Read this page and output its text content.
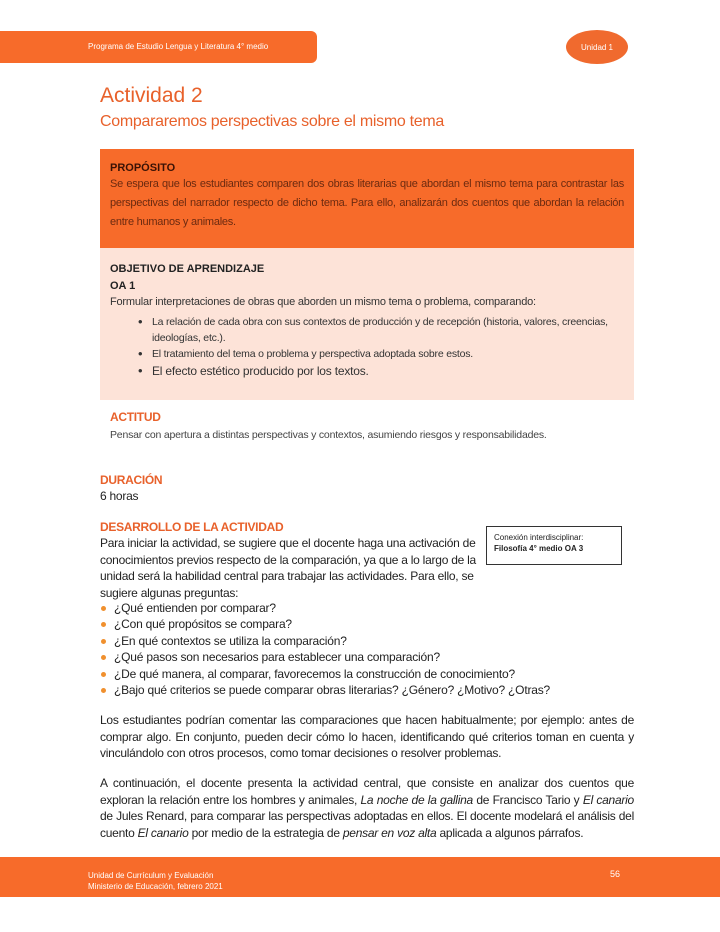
Programa de Estudio Lengua y Literatura 4° medio	Unidad 1
Actividad 2
Compararemos perspectivas sobre el mismo tema
PROPÓSITO

Se espera que los estudiantes comparen dos obras literarias que abordan el mismo tema para contrastar las perspectivas del narrador respecto de dicho tema. Para ello, analizarán dos cuentos que abordan la relación entre humanos y animales.

OBJETIVO DE APRENDIZAJE
OA 1

Formular interpretaciones de obras que aborden un mismo tema o problema, comparando:

• La relación de cada obra con sus contextos de producción y de recepción (historia, valores, creencias, ideologías, etc.).
• El tratamiento del tema o problema y perspectiva adoptada sobre estos.
• El efecto estético producido por los textos.
ACTITUD
Pensar con apertura a distintas perspectivas y contextos, asumiendo riesgos y responsabilidades.
DURACIÓN
6 horas
DESARROLLO DE LA ACTIVIDAD
Para iniciar la actividad, se sugiere que el docente haga una activación de conocimientos previos respecto de la comparación, ya que a lo largo de la unidad será la habilidad central para trabajar las actividades. Para ello, se sugiere algunas preguntas:
Conexión interdisciplinar:
Filosofía 4° medio OA 3
¿Qué entienden por comparar?
¿Con qué propósitos se compara?
¿En qué contextos se utiliza la comparación?
¿Qué pasos son necesarios para establecer una comparación?
¿De qué manera, al comparar, favorecemos la construcción de conocimiento?
¿Bajo qué criterios se puede comparar obras literarias? ¿Género? ¿Motivo? ¿Otras?

Los estudiantes podrían comentar las comparaciones que hacen habitualmente; por ejemplo: antes de comprar algo. En conjunto, pueden decir cómo lo hacen, identificando qué criterios toman en cuenta y vinculándolo con otros procesos, como tomar decisiones o resolver problemas.

A continuación, el docente presenta la actividad central, que consiste en analizar dos cuentos que exploran la relación entre los hombres y animales, La noche de la gallina de Francisco Tario y El canario de Jules Renard, para comparar las perspectivas adoptadas en ellos. El docente modelará el análisis del cuento El canario por medio de la estrategia de pensar en voz alta aplicada a algunos párrafos.

Unidad de Currículum y Evaluación
Ministerio de Educación, febrero 2021
56
